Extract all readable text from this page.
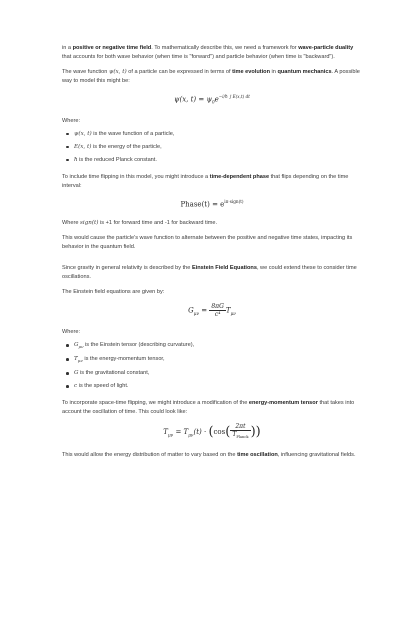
in a positive or negative time field. To mathematically describe this, we need a framework for wave-particle duality that accounts for both wave behavior (when time is "forward") and particle behavior (when time is "backward").

The wave function ψ(x, t) of a particle can be expressed in terms of time evolution in quantum mechanics. A possible way to model this might be:

ψ(x, $t) = \psi_0e^{-i/ħ \int E(x,t) dt}$
Where:
ψ(x, t) is the wave function of a particle,
E(x, t) is the energy of the particle,
ħ is the reduced Planck constant.

To include time flipping in this model, you might introduce a time-dependent phase that flips depending on the time interval:

Phase(t) = $e^{i\pi\cdot sign(t)}$

Where sign(t) is +1 for forward time and -1 for backward time.

This would cause the particle's wave function to alternate between the positive and negative time states, impacting its behavior in the quantum field.

Since gravity in general relativity is described by the Einstein Field Equations, we could extend these to consider time oscillations.

The Einstein field equations are given by:

$G_{\mu\nu} = \frac{8\pi G}{\text{c⁴}} T_{\mu\nu}$
Where:
$G_{\mu\nu}$ is the Einstein tensor (describing curvature),
$T_{\mu\nu}$ is the energy-momentum tensor,
G is the gravitational constant,
c is the speed of light.

To incorporate space-time flipping, we might introduce a modification of the energy-momentum tensor that takes into account the oscillation of time. This could look like:

$T_{\mu\nu} = T_{\mu\nu}(t) \cdot (\cos( \frac{2\pi t}{T_{Planck}}$ ))

This would allow the energy distribution of matter to vary based on the time oscillation, influencing gravitational fields.
